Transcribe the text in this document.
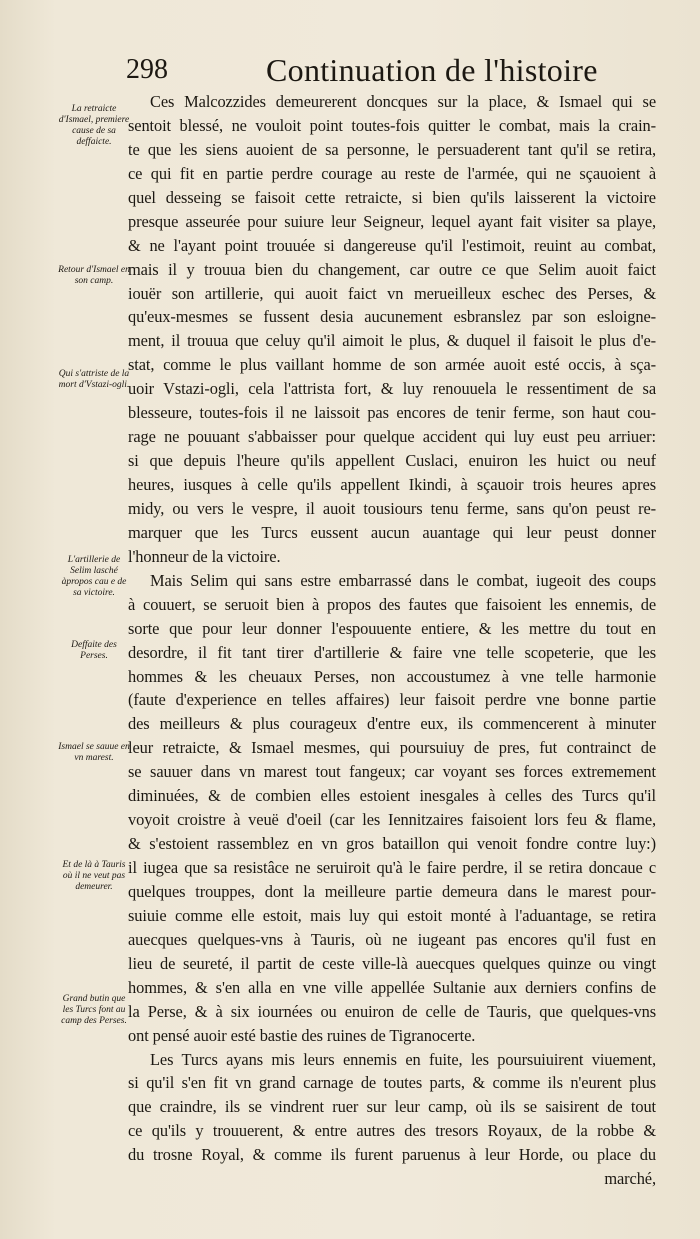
298	Continuation de l'histoire
La retraicte d'Ismael, premiere cause de sa deffaicte.
Retour d'Ismael en son camp.
Qui s'attriste de la mort d'Vstazi-ogli.
L'artillerie de Selim lasché àpropos cau e de sa victoire.
Deffaite des Perses.
Ismael se sauue en vn marest.
Et de là à Tauris où il ne veut pas demeurer.
Grand butin que les Turcs font au camp des Perses.
Ces Malcozzides demeurerent doncques sur la place, & Ismael qui se
sentoit blessé, ne vouloit point toutes-fois quitter le combat, mais la crain-
te que les siens auoient de sa personne, le persuaderent tant qu'il se retira,
ce qui fit en partie perdre courage au reste de l'armée, qui ne sçauoient à
quel desseing se faisoit cette retraicte, si bien qu'ils laisserent la victoire
presque asseurée pour suiure leur Seigneur, lequel ayant fait visiter sa playe,
& ne l'ayant point trouuée si dangereuse qu'il l'estimoit, reuint au combat,
mais il y trouua bien du changement, car outre ce que Selim auoit faict
iouër son artillerie, qui auoit faict vn merueilleux eschec des Perses, &
qu'eux-mesmes se fussent desia aucunement esbranslez par son esloigne-
ment, il trouua que celuy qu'il aimoit le plus, & duquel il faisoit le plus d'e-
stat, comme le plus vaillant homme de son armée auoit esté occis, à sça-
uoir Vstazi-ogli, cela l'attrista fort, & luy renouuela le ressentiment de sa
blesseure, toutes-fois il ne laissoit pas encores de tenir ferme, son haut cou-
rage ne pouuant s'abbaisser pour quelque accident qui luy eust peu arriuer:
si que depuis l'heure qu'ils appellent Cuslaci, enuiron les huict ou neuf
heures, iusques à celle qu'ils appellent Ikindi, à sçauoir trois heures apres
midy, ou vers le vespre, il auoit tousiours tenu ferme, sans qu'on peust re-
marquer que les Turcs eussent aucun auantage qui leur peust donner
l'honneur de la victoire.
Mais Selim qui sans estre embarrassé dans le combat, iugeoit des coups
à couuert, se seruoit bien à propos des fautes que faisoient les ennemis, de
sorte que pour leur donner l'espouuente entiere, & les mettre du tout en
desordre, il fit tant tirer d'artillerie & faire vne telle scopeterie, que les
hommes & les cheuaux Perses, non accoustumez à vne telle harmonie
(faute d'experience en telles affaires) leur faisoit perdre vne bonne partie
des meilleurs & plus courageux d'entre eux, ils commencerent à minuter
leur retraicte, & Ismael mesmes, qui poursuiuy de pres, fut contrainct de
se sauuer dans vn marest tout fangeux; car voyant ses forces extremement
diminuées, & de combien elles estoient inesgales à celles des Turcs qu'il
voyoit croistre à veuë d'oeil (car les Iennitzaires faisoient lors feu & flame,
& s'estoient rassemblez en vn gros bataillon qui venoit fondre contre luy:)
il iugea que sa resistâce ne seruiroit qu'à le faire perdre, il se retira doncaue c
quelques trouppes, dont la meilleure partie demeura dans le marest pour-
suiuie comme elle estoit, mais luy qui estoit monté à l'aduantage, se retira
auecques quelques-vns à Tauris, où ne iugeant pas encores qu'il fust en
lieu de seureté, il partit de ceste ville-là auecques quelques quinze ou vingt
hommes, & s'en alla en vne ville appellée Sultanie aux derniers confins de
la Perse, & à six iournées ou enuiron de celle de Tauris, que quelques-vns
ont pensé auoir esté bastie des ruines de Tigranocerte.
Les Turcs ayans mis leurs ennemis en fuite, les poursuiuirent viuement,
si qu'il s'en fit vn grand carnage de toutes parts, & comme ils n'eurent plus
que craindre, ils se vindrent ruer sur leur camp, où ils se saisirent de tout
ce qu'ils y trouuerent, & entre autres des tresors Royaux, de la robbe &
du trosne Royal, & comme ils furent paruenus à leur Horde, ou place du
marché,
